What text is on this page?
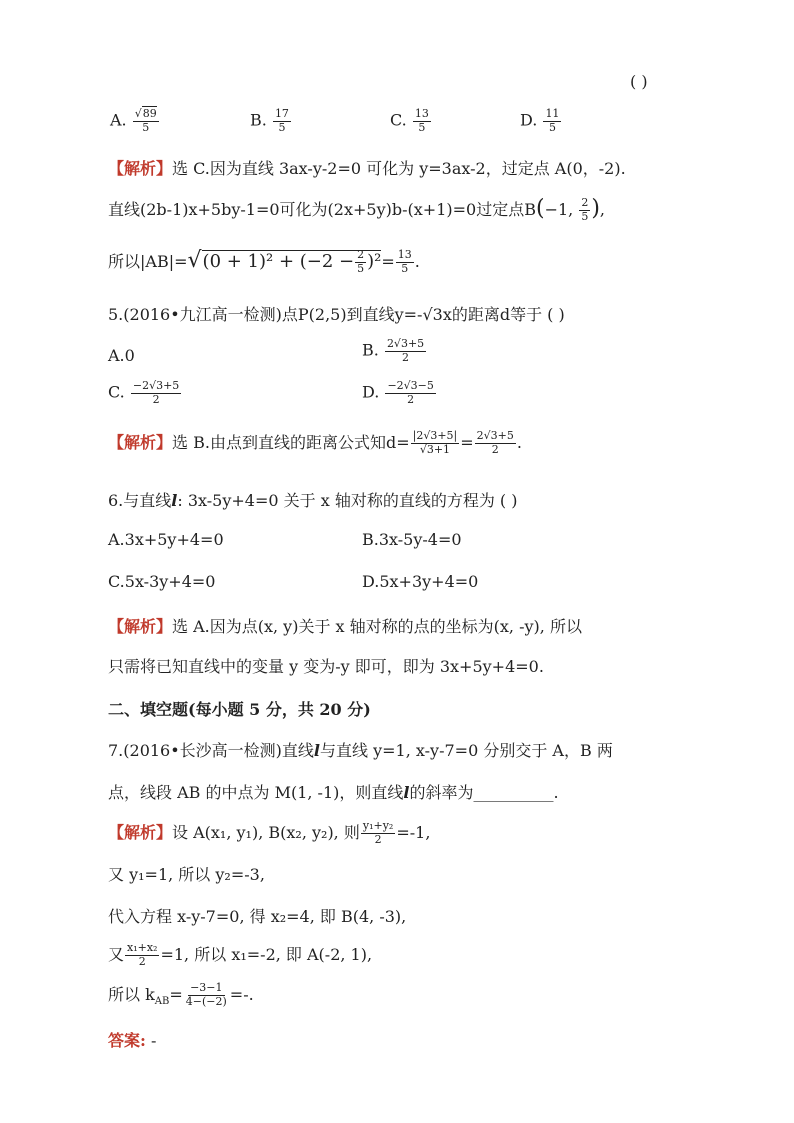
( )
A. $\frac{√89}{5}$	B. $\frac{17}{5}$	C. $\frac{13}{5}$	D. $\frac{11}{5}$
【解析】选 C.因为直线 3ax-y-2=0 可化为 y=3ax-2，过定点 A(0，-2).
直线(2b-1)x+5by-1=0可化为(2x+5y)b-(x+1)=0过定点B(−1, $\frac{2}{5}$ ),
所以$|AB|=√(0 + 1)^2 + (-2 - \frac{2}{5} )^2= \frac{13}{5}$ .
5.(2016•九江高一检测)点P(2,5)到直线y=-√3x的距离d等于 ( )
A.0	B. $\frac{2√3+5}{2}$
C. $\frac{-2√3+5}{2}$	D. $\frac{-2√3-5}{2}$
【解析】选 B.由点到直线的距离公式知$d= \frac{|2√3+5|}{√3+1} = \frac{2√3+5}{2}$ .
6.与直线l: 3x-5y+4=0 关于 x 轴对称的直线的方程为 ( )
A.3x+5y+4=0	B.3x-5y-4=0
C.5x-3y+4=0	D.5x+3y+4=0
【解析】选 A.因为点(x, y)关于 x 轴对称的点的坐标为(x, -y), 所以
只需将已知直线中的变量 y 变为-y 即可，即为 3x+5y+4=0.
二、填空题(每小题 5 分，共 20 分)
7.(2016•长沙高一检测)直线l与直线 y=1, x-y-7=0 分别交于 A，B 两
点，线段 AB 的中点为 M(1, -1)，则直线l的斜率为__________.
【解析】设 A(x₁, y₁), B(x₂, y₂), 则 $\frac{\text{y₁+y₂}}{2} =-1$,
又 y₁=1, 所以 y₂=-3,
代入方程 x-y-7=0, 得 x₂=4, 即 B(4, -3),
又 $\frac{\text{x₁+x₂}}{2} =1$, 所以 x₁=-2, 即 A(-2, 1),
所以 $k_{AB}= \frac{-3-1}{4-(-2)}$ =-.
答案: -
